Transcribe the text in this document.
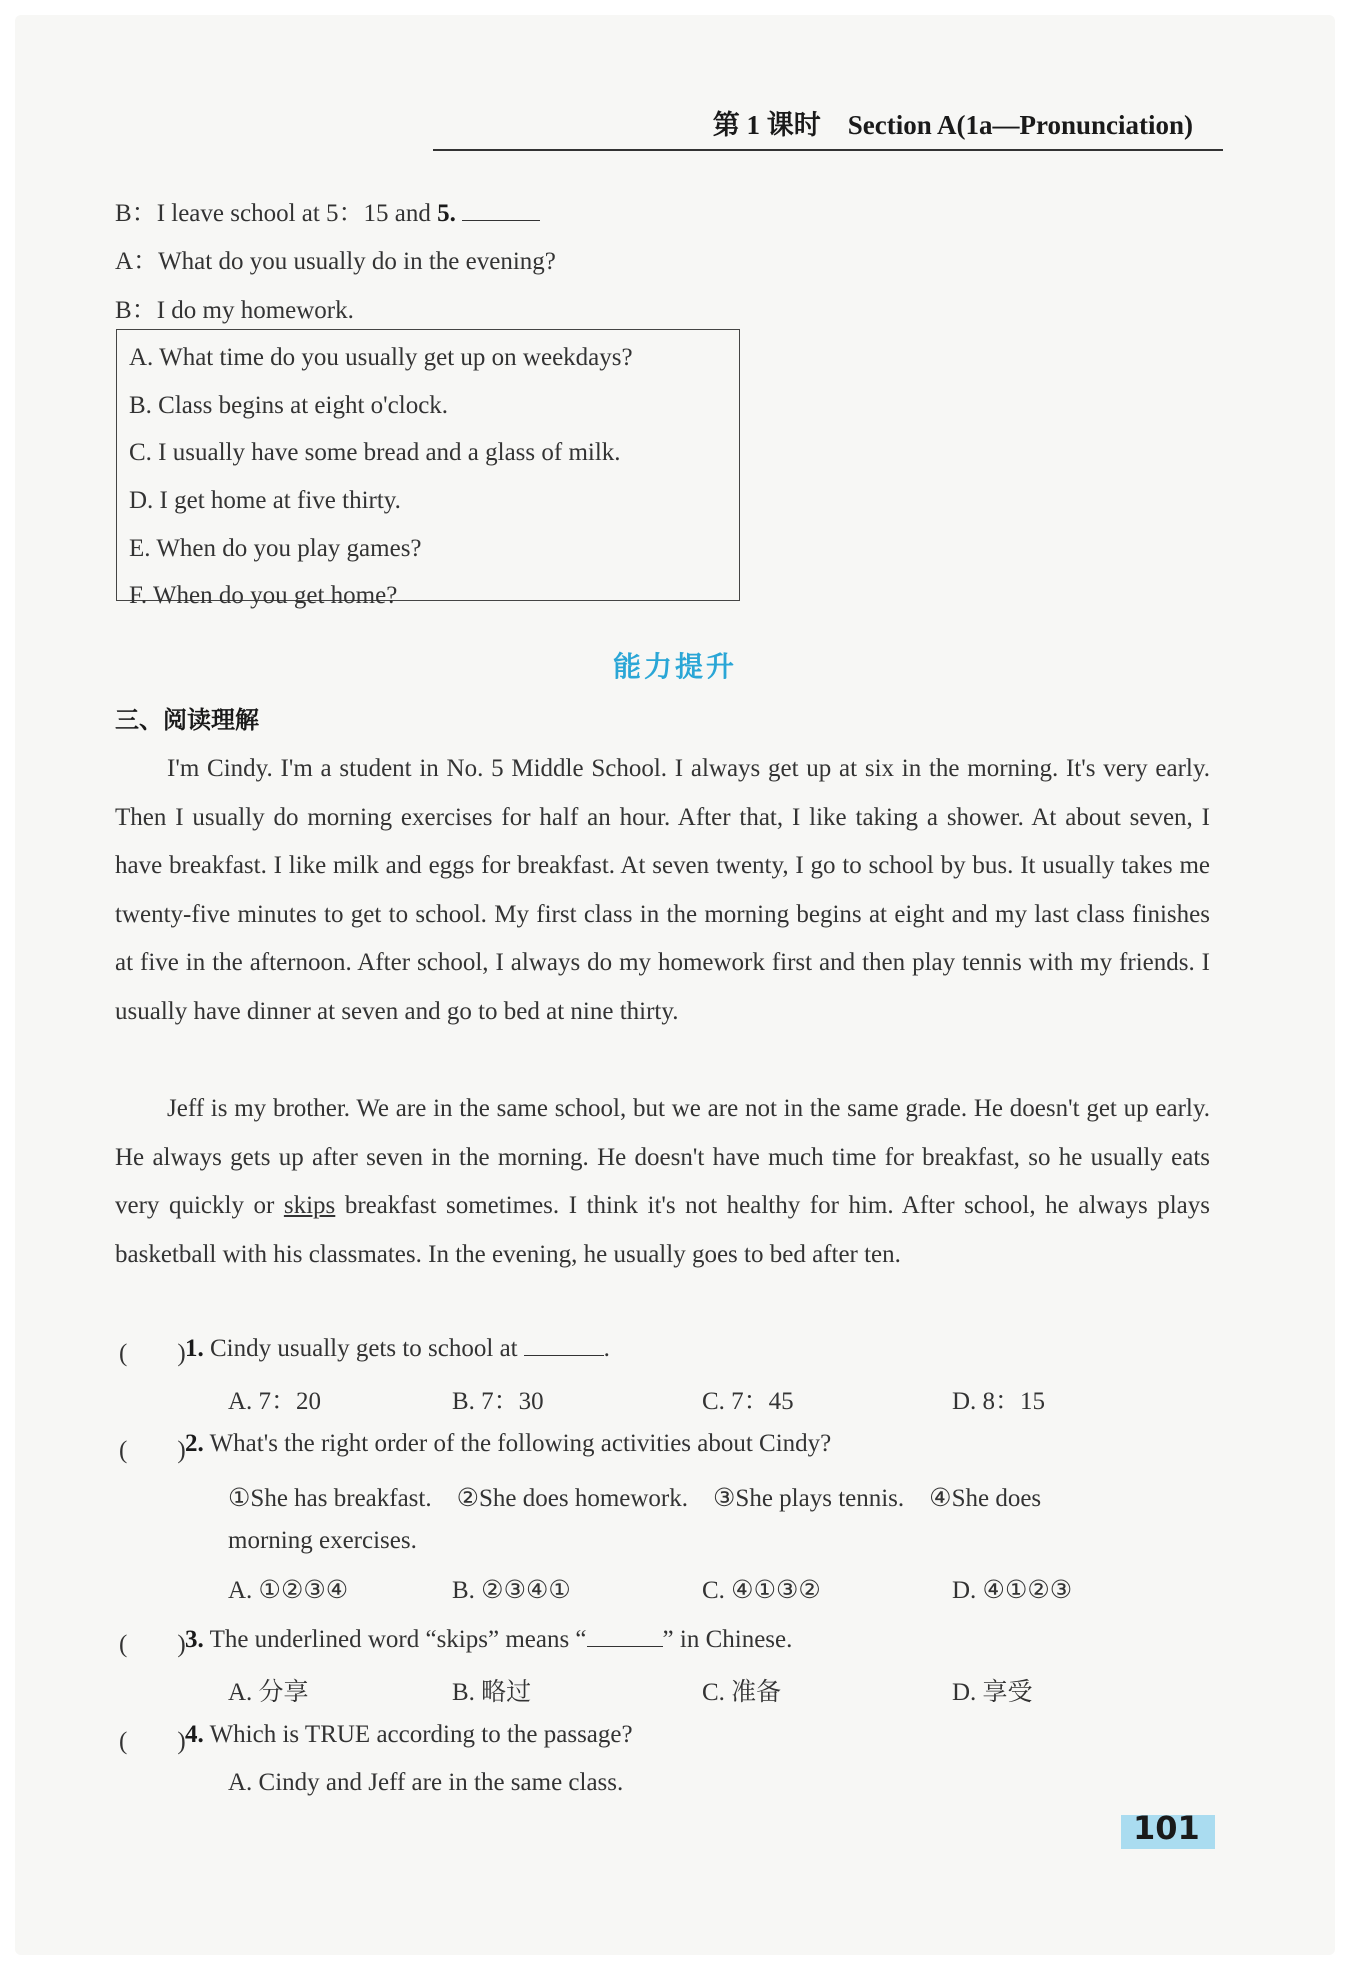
第 1 课时　Section A(1a—Pronunciation)
B：I leave school at 5：15 and 5.
A：What do you usually do in the evening?
B：I do my homework.
A. What time do you usually get up on weekdays?
B. Class begins at eight o'clock.
C. I usually have some bread and a glass of milk.
D. I get home at five thirty.
E. When do you play games?
F. When do you get home?
能力提升
三、阅读理解
I'm Cindy. I'm a student in No. 5 Middle School. I always get up at six in the morning. It's very early. Then I usually do morning exercises for half an hour. After that, I like taking a shower. At about seven, I have breakfast. I like milk and eggs for breakfast. At seven twenty, I go to school by bus. It usually takes me twenty-five minutes to get to school. My first class in the morning begins at eight and my last class finishes at five in the afternoon. After school, I always do my homework first and then play tennis with my friends. I usually have dinner at seven and go to bed at nine thirty.
Jeff is my brother. We are in the same school, but we are not in the same grade. He doesn't get up early. He always gets up after seven in the morning. He doesn't have much time for breakfast, so he usually eats very quickly or skips breakfast sometimes. I think it's not healthy for him. After school, he always plays basketball with his classmates. In the evening, he usually goes to bed after ten.
(　　) 1. Cindy usually gets to school at	.
A. 7：20	B. 7：30	C. 7：45	D. 8：15
(　　) 2. What's the right order of the following activities about Cindy?
①She has breakfast.　②She does homework.　③She plays tennis.　④She does
morning exercises.
A. ①②③④	B. ②③④①	C. ④①③②	D. ④①②③
(　　) 3. The underlined word “skips” means “	” in Chinese.
A. 分享	B. 略过	C. 准备	D. 享受
(　　) 4. Which is TRUE according to the passage?
A. Cindy and Jeff are in the same class.
101
